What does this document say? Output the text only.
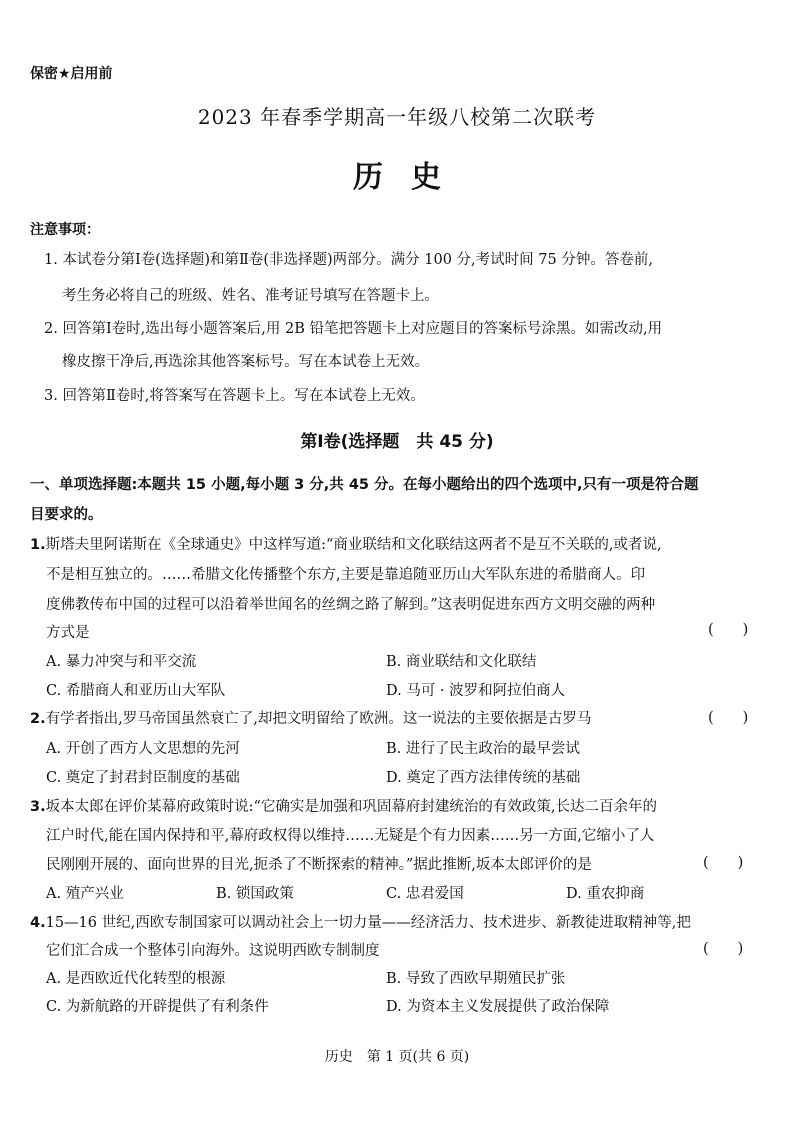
保密★启用前
2023 年春季学期高一年级八校第二次联考
历史
注意事项：
1. 本试卷分第Ⅰ卷(选择题)和第Ⅱ卷(非选择题)两部分。满分 100 分,考试时间 75 分钟。答卷前,
考生务必将自己的班级、姓名、准考证号填写在答题卡上。
2. 回答第Ⅰ卷时,选出每小题答案后,用 2B 铅笔把答题卡上对应题目的答案标号涂黑。如需改动,用
橡皮擦干净后,再选涂其他答案标号。写在本试卷上无效。
3. 回答第Ⅱ卷时,将答案写在答题卡上。写在本试卷上无效。
第Ⅰ卷(选择题　共 45 分)
一、单项选择题:本题共 15 小题,每小题 3 分,共 45 分。在每小题给出的四个选项中,只有一项是符合题
目要求的。
1.斯塔夫里阿诺斯在《全球通史》中这样写道:“商业联结和文化联结这两者不是互不关联的,或者说,
不是相互独立的。……希腊文化传播整个东方,主要是靠追随亚历山大军队东进的希腊商人。印
度佛教传布中国的过程可以沿着举世闻名的丝绸之路了解到。”这表明促进东西方文明交融的两种
方式是	(　　)
A. 暴力冲突与和平交流	B. 商业联结和文化联结
C. 希腊商人和亚历山大军队	D. 马可 · 波罗和阿拉伯商人
2.有学者指出,罗马帝国虽然衰亡了,却把文明留给了欧洲。这一说法的主要依据是古罗马	(　　)
A. 开创了西方人文思想的先河	B. 进行了民主政治的最早尝试
C. 奠定了封君封臣制度的基础	D. 奠定了西方法律传统的基础
3.坂本太郎在评价某幕府政策时说:“它确实是加强和巩固幕府封建统治的有效政策,长达二百余年的
江户时代,能在国内保持和平,幕府政权得以维持……无疑是个有力因素……另一方面,它缩小了人
民刚刚开展的、面向世界的目光,扼杀了不断探索的精神。”据此推断,坂本太郎评价的是	(　　)
A. 殖产兴业	B. 锁国政策	C. 忠君爱国	D. 重农抑商
4.15—16 世纪,西欧专制国家可以调动社会上一切力量——经济活力、技术进步、新教徒进取精神等,把
它们汇合成一个整体引向海外。这说明西欧专制制度	(　　)
A. 是西欧近代化转型的根源	B. 导致了西欧早期殖民扩张
C. 为新航路的开辟提供了有利条件	D. 为资本主义发展提供了政治保障
历史　第 1 页(共 6 页)
